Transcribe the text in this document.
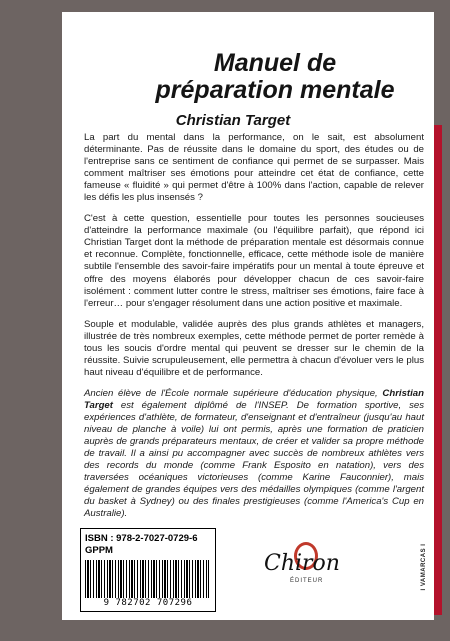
Manuel de
préparation mentale
Christian Target

La part du mental dans la performance, on le sait, est absolument déterminante. Pas de réussite dans le domaine du sport, des études ou de l'entreprise sans ce sentiment de confiance qui permet de se surpasser. Mais comment maîtriser ses émotions pour atteindre cet état de confiance, cette fameuse « fluidité » qui permet d'être à 100% dans l'action, capable de relever les défis les plus insensés ?

C'est à cette question, essentielle pour toutes les personnes soucieuses d'atteindre la performance maximale (ou l'équilibre parfait), que répond ici Christian Target dont la méthode de préparation mentale est désormais connue et reconnue. Complète, fonctionnelle, efficace, cette méthode isole de manière subtile l'ensemble des savoir-faire impératifs pour un mental à toute épreuve et offre des moyens élaborés pour développer chacun de ces savoir-faire isolément : comment lutter contre le stress, maîtriser ses émotions, faire face à l'erreur… pour s'engager résolument dans une action positive et maximale.

Souple et modulable, validée auprès des plus grands athlètes et managers, illustrée de très nombreux exemples, cette méthode permet de porter remède à tous les soucis d'ordre mental qui peuvent se dresser sur le chemin de la réussite. Suivie scrupuleusement, elle permettra à chacun d'évoluer vers le plus haut niveau d'équilibre et de performance.

Ancien élève de l'École normale supérieure d'éducation physique, Christian Target est également diplômé de l'INSEP. De formation sportive, ses expériences d'athlète, de formateur, d'enseignant et d'entraîneur (jusqu'au haut niveau de planche à voile) lui ont permis, après une formation de praticien auprès de grands préparateurs mentaux, de créer et valider sa propre méthode de travail. Il a ainsi pu accompagner avec succès de nombreux athlètes vers des records du monde (comme Frank Esposito en natation), vers des traversées océaniques victorieuses (comme Karine Fauconnier), mais également de grandes équipes vers des médailles olympiques (comme l'argent du basket à Sydney) ou des finales prestigieuses (comme l'America's Cup en Australie).

ISBN : 978-2-7027-0729-6
GPPM
9 782702 707296
Chiron
ÉDITEUR	I VAMARCAS I
